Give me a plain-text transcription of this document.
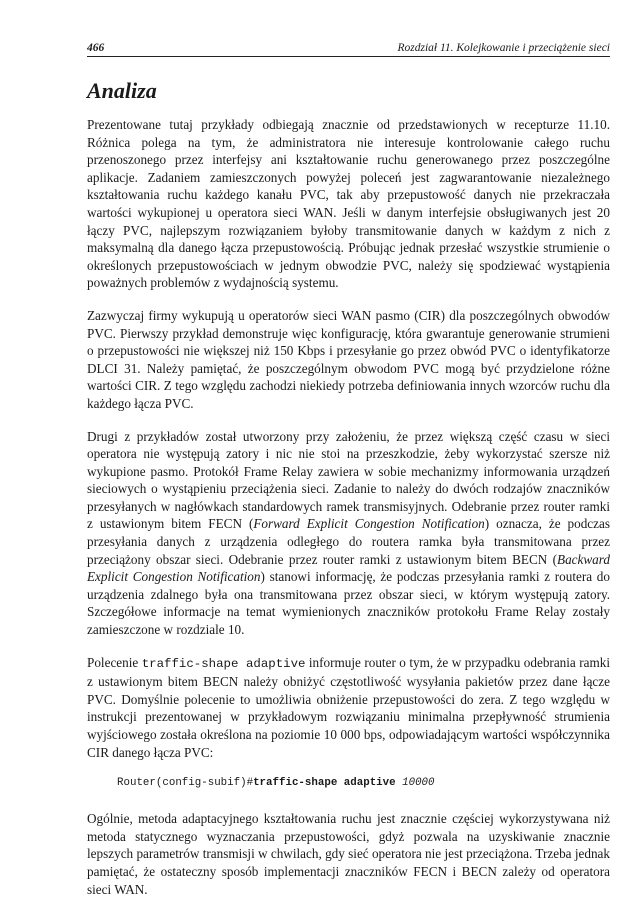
466	Rozdział 11. Kolejkowanie i przeciążenie sieci
Analiza

Prezentowane tutaj przykłady odbiegają znacznie od przedstawionych w recepturze 11.10. Różnica polega na tym, że administratora nie interesuje kontrolowanie całego ruchu przenoszonego przez interfejsy ani kształtowanie ruchu generowanego przez poszczególne aplikacje. Zadaniem zamieszczonych powyżej poleceń jest zagwarantowanie niezależnego kształtowania ruchu każdego kanału PVC, tak aby przepustowość danych nie przekraczała wartości wykupionej u operatora sieci WAN. Jeśli w danym interfejsie obsługiwanych jest 20 łączy PVC, najlepszym rozwiązaniem byłoby transmitowanie danych w każdym z nich z maksymalną dla danego łącza przepustowością. Próbując jednak przesłać wszystkie strumienie o określonych przepustowościach w jednym obwodzie PVC, należy się spodziewać wystąpienia poważnych problemów z wydajnością systemu.

Zazwyczaj firmy wykupują u operatorów sieci WAN pasmo (CIR) dla poszczególnych obwodów PVC. Pierwszy przykład demonstruje więc konfigurację, która gwarantuje generowanie strumieni o przepustowości nie większej niż 150 Kbps i przesyłanie go przez obwód PVC o identyfikatorze DLCI 31. Należy pamiętać, że poszczególnym obwodom PVC mogą być przydzielone różne wartości CIR. Z tego względu zachodzi niekiedy potrzeba definiowania innych wzorców ruchu dla każdego łącza PVC.

Drugi z przykładów został utworzony przy założeniu, że przez większą część czasu w sieci operatora nie występują zatory i nic nie stoi na przeszkodzie, żeby wykorzystać szersze niż wykupione pasmo. Protokół Frame Relay zawiera w sobie mechanizmy informowania urządzeń sieciowych o wystąpieniu przeciążenia sieci. Zadanie to należy do dwóch rodzajów znaczników przesyłanych w nagłówkach standardowych ramek transmisyjnych. Odebranie przez router ramki z ustawionym bitem FECN (Forward Explicit Congestion Notification) oznacza, że podczas przesyłania danych z urządzenia odległego do routera ramka była transmitowana przez przeciążony obszar sieci. Odebranie przez router ramki z ustawionym bitem BECN (Backward Explicit Congestion Notification) stanowi informację, że podczas przesyłania ramki z routera do urządzenia zdalnego była ona transmitowana przez obszar sieci, w którym występują zatory. Szczegółowe informacje na temat wymienionych znaczników protokołu Frame Relay zostały zamieszczone w rozdziale 10.

Polecenie traffic-shape adaptive informuje router o tym, że w przypadku odebrania ramki z ustawionym bitem BECN należy obniżyć częstotliwość wysyłania pakietów przez dane łącze PVC. Domyślnie polecenie to umożliwia obniżenie przepustowości do zera. Z tego względu w instrukcji prezentowanej w przykładowym rozwiązaniu minimalna przepływność strumienia wyjściowego została określona na poziomie 10 000 bps, odpowiadającym wartości współczynnika CIR danego łącza PVC:

Router(config-subif)#traffic-shape adaptive 10000

Ogólnie, metoda adaptacyjnego kształtowania ruchu jest znacznie częściej wykorzystywana niż metoda statycznego wyznaczania przepustowości, gdyż pozwala na uzyskiwanie znacznie lepszych parametrów transmisji w chwilach, gdy sieć operatora nie jest przeciążona. Trzeba jednak pamiętać, że ostateczny sposób implementacji znaczników FECN i BECN zależy od operatora sieci WAN.
